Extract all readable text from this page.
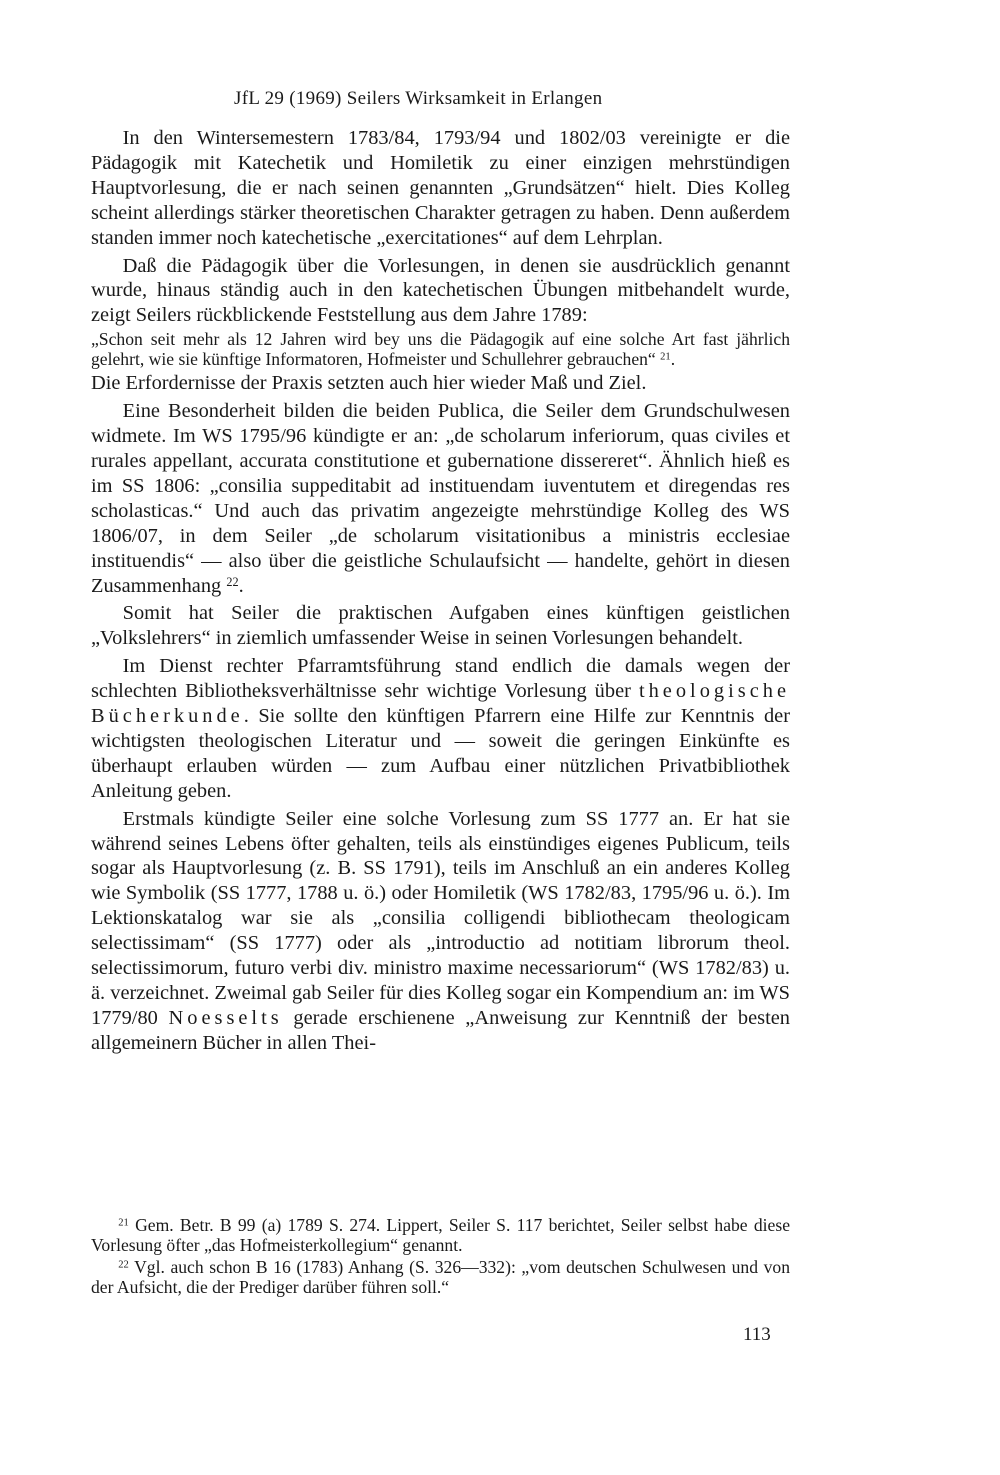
JfL 29 (1969) Seilers Wirksamkeit in Erlangen

In den Wintersemestern 1783/84, 1793/94 und 1802/03 vereinigte er die Pädagogik mit Katechetik und Homiletik zu einer einzigen mehrstündigen Hauptvorlesung, die er nach seinen genannten „Grundsätzen“ hielt. Dies Kolleg scheint allerdings stärker theoretischen Charakter getragen zu haben. Denn außerdem standen immer noch katechetische „exercitationes“ auf dem Lehrplan.

Daß die Pädagogik über die Vorlesungen, in denen sie ausdrücklich genannt wurde, hinaus ständig auch in den katechetischen Übungen mitbehandelt wurde, zeigt Seilers rückblickende Feststellung aus dem Jahre 1789:

„Schon seit mehr als 12 Jahren wird bey uns die Pädagogik auf eine solche Art fast jährlich gelehrt, wie sie künftige Informatoren, Hofmeister und Schullehrer gebrauchen“ $^{21}$.

Die Erfordernisse der Praxis setzten auch hier wieder Maß und Ziel.

Eine Besonderheit bilden die beiden Publica, die Seiler dem Grundschulwesen widmete. Im WS 1795/96 kündigte er an: „de scholarum inferiorum, quas civiles et rurales appellant, accurata constitutione et gubernatione dissereret“. Ähnlich hieß es im SS 1806: „consilia suppeditabit ad instituendam iuventutem et diregendas res scholasticas.“ Und auch das privatim angezeigte mehrstündige Kolleg des WS 1806/07, in dem Seiler „de scholarum visitationibus a ministris ecclesiae instituendis“ — also über die geistliche Schulaufsicht — handelte, gehört in diesen Zusammenhang $^{22}$.

Somit hat Seiler die praktischen Aufgaben eines künftigen geistlichen „Volkslehrers“ in ziemlich umfassender Weise in seinen Vorlesungen behandelt.

Im Dienst rechter Pfarramtsführung stand endlich die damals wegen der schlechten Bibliotheksverhältnisse sehr wichtige Vorlesung über theologische Bücherkunde. Sie sollte den künftigen Pfarrern eine Hilfe zur Kenntnis der wichtigsten theologischen Literatur und — soweit die geringen Einkünfte es überhaupt erlauben würden — zum Aufbau einer nützlichen Privatbibliothek Anleitung geben.

Erstmals kündigte Seiler eine solche Vorlesung zum SS 1777 an. Er hat sie während seines Lebens öfter gehalten, teils als einstündiges eigenes Publicum, teils sogar als Hauptvorlesung (z. B. SS 1791), teils im Anschluß an ein anderes Kolleg wie Symbolik (SS 1777, 1788 u. ö.) oder Homiletik (WS 1782/83, 1795/96 u. ö.). Im Lektionskatalog war sie als „consilia colligendi bibliothecam theologicam selectissimam“ (SS 1777) oder als „introductio ad notitiam librorum theol. selectissimorum, futuro verbi div. ministro maxime necessariorum“ (WS 1782/83) u. ä. verzeichnet. Zweimal gab Seiler für dies Kolleg sogar ein Kompendium an: im WS 1779/80 Noesselts gerade erschienene „Anweisung zur Kenntniß der besten allgemeinern Bücher in allen Thei-

$^{21}$ Gem. Betr. B 99 (a) 1789 S. 274. Lippert, Seiler S. 117 berichtet, Seiler selbst habe diese Vorlesung öfter „das Hofmeisterkollegium“ genannt.
$^{22}$ Vgl. auch schon B 16 (1783) Anhang (S. 326—332): „vom deutschen Schulwesen und von der Aufsicht, die der Prediger darüber führen soll.“
113
